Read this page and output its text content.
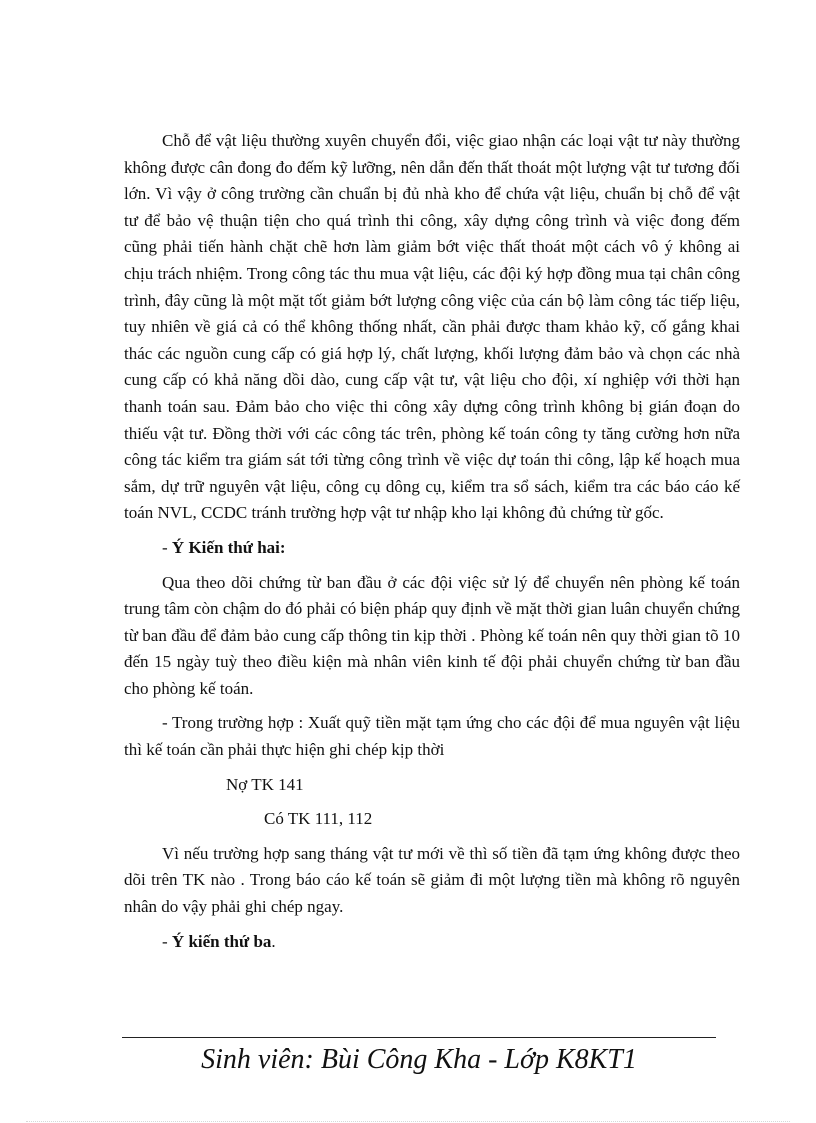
Chỗ để vật liệu thường xuyên chuyển đổi, việc giao nhận các loại vật tư này thường không được cân đong đo đếm kỹ lưỡng, nên dẫn đến thất thoát một lượng vật tư tương đối lớn. Vì vậy ở công trường cần chuẩn bị đủ nhà kho để chứa vật liệu, chuẩn bị chỗ để vật tư để bảo vệ thuận tiện cho quá trình thi công, xây dựng công trình và việc đong đếm cũng phải tiến hành chặt chẽ hơn làm giảm bớt việc thất thoát một cách vô ý không ai chịu trách nhiệm. Trong công tác thu mua vật liệu, các đội ký hợp đồng mua tại chân công trình, đây cũng là một mặt tốt giảm bớt lượng công việc của cán bộ làm công tác tiếp liệu, tuy nhiên về giá cả có thể không thống nhất, cần phải được tham khảo kỹ, cố gắng khai thác các nguồn cung cấp có giá hợp lý, chất lượng, khối lượng đảm bảo và chọn các nhà cung cấp có khả năng dồi dào, cung cấp vật tư, vật liệu cho đội, xí nghiệp với thời hạn thanh toán sau. Đảm bảo cho việc thi công xây dựng công trình không bị gián đoạn do thiếu vật tư. Đồng thời với các công tác trên, phòng kế toán công ty tăng cường hơn nữa công tác kiểm tra giám sát tới từng công trình về việc dự toán thi công, lập kế hoạch mua sắm, dự trữ nguyên vật liệu, công cụ dông cụ, kiểm tra sổ sách, kiểm tra các báo cáo kế toán NVL, CCDC tránh trường hợp vật tư nhập kho lại không đủ chứng từ gốc.

- Ý Kiến thứ hai:

Qua theo dõi chứng từ ban đầu ở các đội việc sử lý để chuyển nên phòng kế toán trung tâm còn chậm do đó phải có biện pháp quy định về mặt thời gian luân chuyển chứng từ ban đầu để đảm bảo cung cấp thông tin kịp thời . Phòng kế toán nên quy thời gian tõ 10 đến 15 ngày tuỳ theo điều kiện mà nhân viên kinh tế đội phải chuyển chứng từ ban đầu cho phòng kế toán.

- Trong trường hợp : Xuất quỹ tiền mặt tạm ứng cho các đội để mua nguyên vật liệu thì kế toán cần phải thực hiện ghi chép kịp thời

Nợ TK 141

Có TK 111, 112

Vì nếu trường hợp sang tháng vật tư mới về thì số tiền đã tạm ứng không được theo dõi trên TK nào . Trong báo cáo kế toán sẽ giảm đi một lượng tiền mà không rõ nguyên nhân do vậy phải ghi chép ngay.

- Ý kiến thứ ba.

Sinh viên: Bùi Công Kha - Lớp K8KT1
